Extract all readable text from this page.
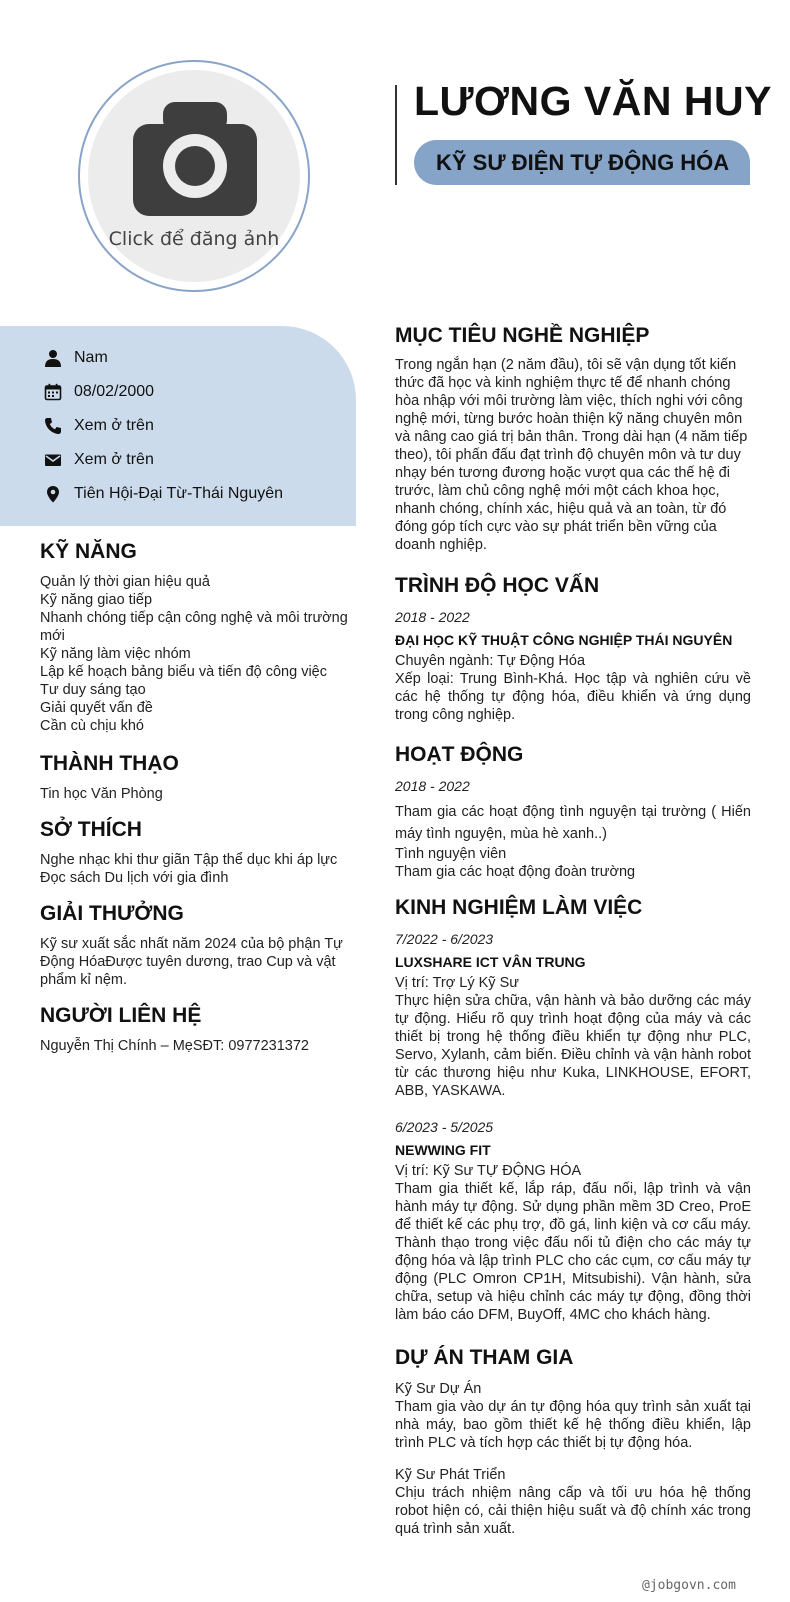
Click để đăng ảnh
LƯƠNG VĂN HUY
KỸ SƯ ĐIỆN TỰ ĐỘNG HÓA
Nam
08/02/2000
Xem ở trên
Xem ở trên
Tiên Hội-Đại Từ-Thái Nguyên
KỸ NĂNG

Quản lý thời gian hiệu quả

Kỹ năng giao tiếp

Nhanh chóng tiếp cận công nghệ và môi trường mới

Kỹ năng làm việc nhóm

Lập kế hoạch bảng biểu và tiến độ công việc

Tư duy sáng tạo

Giải quyết vấn đề

Cần cù chịu khó

THÀNH THẠO

Tin học Văn Phòng

SỞ THÍCH

Nghe nhạc khi thư giãn Tập thể dục khi áp lực Đọc sách Du lịch với gia đình

GIẢI THƯỞNG

Kỹ sư xuất sắc nhất năm 2024 của bộ phận Tự Động HóaĐược tuyên dương, trao Cup và vật phẩm kỉ nệm.

NGƯỜI LIÊN HỆ

Nguyễn Thị Chính – MẹSĐT: 0977231372

MỤC TIÊU NGHỀ NGHIỆP

Trong ngắn hạn (2 năm đầu), tôi sẽ vận dụng tốt kiến thức đã học và kinh nghiệm thực tế để nhanh chóng hòa nhập với môi trường làm việc, thích nghi với công nghệ mới, từng bước hoàn thiện kỹ năng chuyên môn và nâng cao giá trị bản thân. Trong dài hạn (4 năm tiếp theo), tôi phấn đấu đạt trình độ chuyên môn và tư duy nhạy bén tương đương hoặc vượt qua các thế hệ đi trước, làm chủ công nghệ mới một cách khoa học, nhanh chóng, chính xác, hiệu quả và an toàn, từ đó đóng góp tích cực vào sự phát triển bền vững của doanh nghiệp.

TRÌNH ĐỘ HỌC VẤN

2018 - 2022

ĐẠI HỌC KỸ THUẬT CÔNG NGHIỆP THÁI NGUYÊN

Chuyên ngành: Tự Động Hóa

Xếp loại: Trung Bình-Khá. Học tập và nghiên cứu về các hệ thống tự động hóa, điều khiển và ứng dụng trong công nghiệp.

HOẠT ĐỘNG

2018 - 2022

Tham gia các hoạt động tình nguyện tại trường ( Hiến máy tình nguyện, mùa hè xanh..)

Tình nguyện viên

Tham gia các hoạt động đoàn trường

KINH NGHIỆM LÀM VIỆC

7/2022 - 6/2023

LUXSHARE ICT VÂN TRUNG

Vị trí: Trợ Lý Kỹ Sư

Thực hiện sửa chữa, vận hành và bảo dưỡng các máy tự động. Hiểu rõ quy trình hoạt động của máy và các thiết bị trong hệ thống điều khiển tự động như PLC, Servo, Xylanh, cảm biến. Điều chỉnh và vận hành robot từ các thương hiệu như Kuka, LINKHOUSE, EFORT, ABB, YASKAWA.

6/2023 - 5/2025

NEWWING FIT

Vị trí: Kỹ Sư TỰ ĐỘNG HÓA

Tham gia thiết kế, lắp ráp, đấu nối, lập trình và vận hành máy tự động. Sử dụng phần mềm 3D Creo, ProE để thiết kế các phụ trợ, đồ gá, linh kiện và cơ cấu máy. Thành thạo trong việc đấu nối tủ điện cho các máy tự động hóa và lập trình PLC cho các cụm, cơ cấu máy tự động (PLC Omron CP1H, Mitsubishi). Vận hành, sửa chữa, setup và hiệu chỉnh các máy tự động, đồng thời làm báo cáo DFM, BuyOff, 4MC cho khách hàng.

DỰ ÁN THAM GIA

Kỹ Sư Dự Án

Tham gia vào dự án tự động hóa quy trình sản xuất tại nhà máy, bao gồm thiết kế hệ thống điều khiển, lập trình PLC và tích hợp các thiết bị tự động hóa.

Kỹ Sư Phát Triển

Chịu trách nhiệm nâng cấp và tối ưu hóa hệ thống robot hiện có, cải thiện hiệu suất và độ chính xác trong quá trình sản xuất.

@jobgovn.com
